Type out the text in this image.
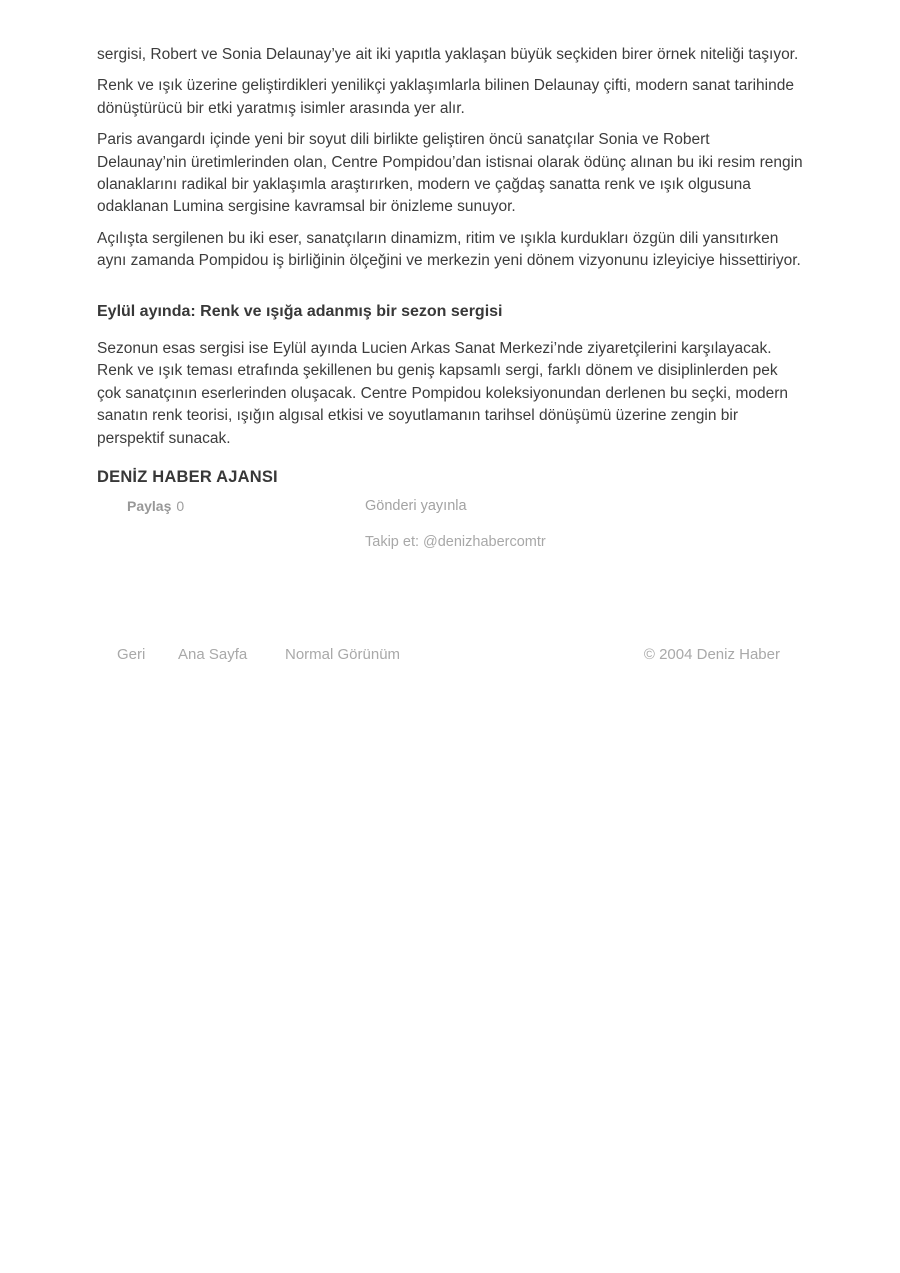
sergisi, Robert ve Sonia Delaunay’ye ait iki yapıtla yaklaşan büyük seçkiden birer örnek niteliği taşıyor.

Renk ve ışık üzerine geliştirdikleri yenilikçi yaklaşımlarla bilinen Delaunay çifti, modern sanat tarihinde dönüştürücü bir etki yaratmış isimler arasında yer alır.

Paris avangardı içinde yeni bir soyut dili birlikte geliştiren öncü sanatçılar Sonia ve Robert Delaunay’nin üretimlerinden olan, Centre Pompidou’dan istisnai olarak ödünç alınan bu iki resim rengin olanaklarını radikal bir yaklaşımla araştırırken, modern ve çağdaş sanatta renk ve ışık olgusuna odaklanan Lumina sergisine kavramsal bir önizleme sunuyor.

Açılışta sergilenen bu iki eser, sanatçıların dinamizm, ritim ve ışıkla kurdukları özgün dili yansıtırken aynı zamanda Pompidou iş birliğinin ölçeğini ve merkezin yeni dönem vizyonunu izleyiciye hissettiriyor.

Eylül ayında: Renk ve ışığa adanmış bir sezon sergisi

Sezonun esas sergisi ise Eylül ayında Lucien Arkas Sanat Merkezi’nde ziyaretçilerini karşılayacak. Renk ve ışık teması etrafında şekillenen bu geniş kapsamlı sergi, farklı dönem ve disiplinlerden pek çok sanatçının eserlerinden oluşacak. Centre Pompidou koleksiyonundan derlenen bu seçki, modern sanatın renk teorisi, ışığın algısal etkisi ve soyutlamanın tarihsel dönüşümü üzerine zengin bir perspektif sunacak.

DENİZ HABER AJANSI
Paylaş 0	Gönderi yayınla
Takip et: @denizhabercomtr
Geri Ana Sayfa	Normal Görünüm	© 2004 Deniz Haber
